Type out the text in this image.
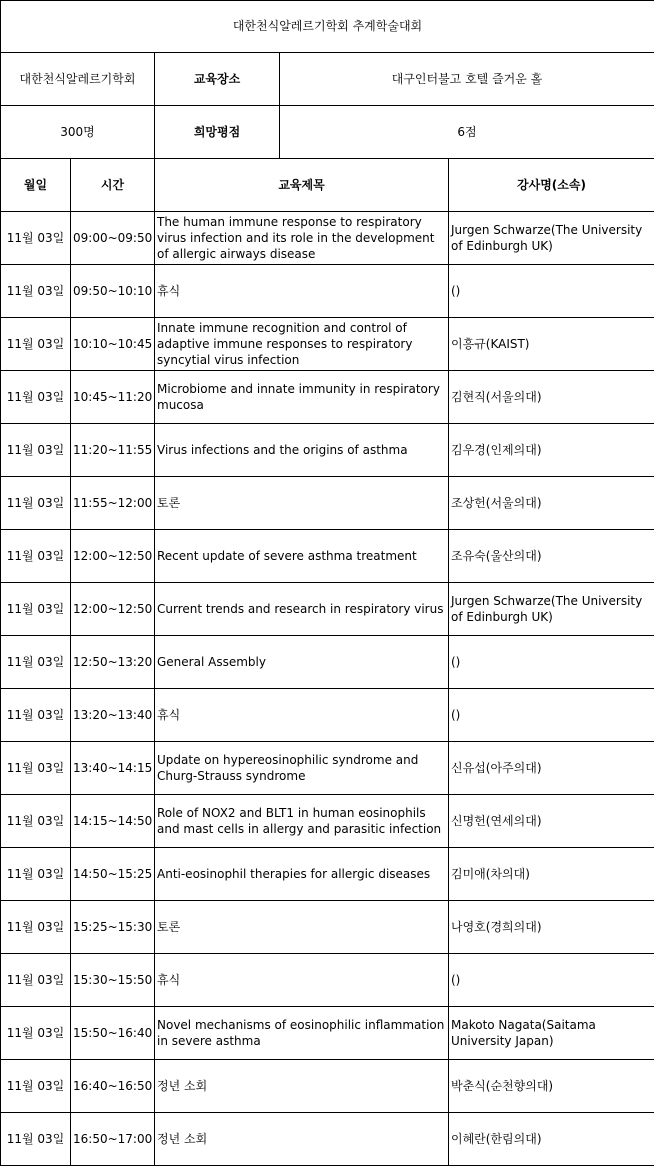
대한천식알레르기학회 추계학술대회				
대한천식알레르기학회		교육장소	대구인터불고 호텔 즐거운 홀	
300명		희망평점	6점	
월일	시간	교육제목		강사명(소속)
11월 03일	09:00~09:50	The human immune response to respiratory virus infection and its role in the development of allergic airways disease		Jurgen Schwarze(The University of Edinburgh UK)
11월 03일	09:50~10:10	휴식		()
11월 03일	10:10~10:45	Innate immune recognition and control of adaptive immune responses to respiratory syncytial virus infection		이흥규(KAIST)
11월 03일	10:45~11:20	Microbiome and innate immunity in respiratory mucosa		김현직(서울의대)
11월 03일	11:20~11:55	Virus infections and the origins of asthma		김우경(인제의대)
11월 03일	11:55~12:00	토론		조상헌(서울의대)
11월 03일	12:00~12:50	Recent update of severe asthma treatment		조유숙(울산의대)
11월 03일	12:00~12:50	Current trends and research in respiratory virus		Jurgen Schwarze(The University of Edinburgh UK)
11월 03일	12:50~13:20	General Assembly		()
11월 03일	13:20~13:40	휴식		()
11월 03일	13:40~14:15	Update on hypereosinophilic syndrome and Churg-Strauss syndrome		신유섭(아주의대)
11월 03일	14:15~14:50	Role of NOX2 and BLT1 in human eosinophils and mast cells in allergy and parasitic infection		신명헌(연세의대)
11월 03일	14:50~15:25	Anti-eosinophil therapies for allergic diseases		김미애(차의대)
11월 03일	15:25~15:30	토론		나영호(경희의대)
11월 03일	15:30~15:50	휴식		()
11월 03일	15:50~16:40	Novel mechanisms of eosinophilic inflammation in severe asthma		Makoto Nagata(Saitama University Japan)
11월 03일	16:40~16:50	정년 소회		박춘식(순천향의대)
11월 03일	16:50~17:00	정년 소회		이혜란(한림의대)
